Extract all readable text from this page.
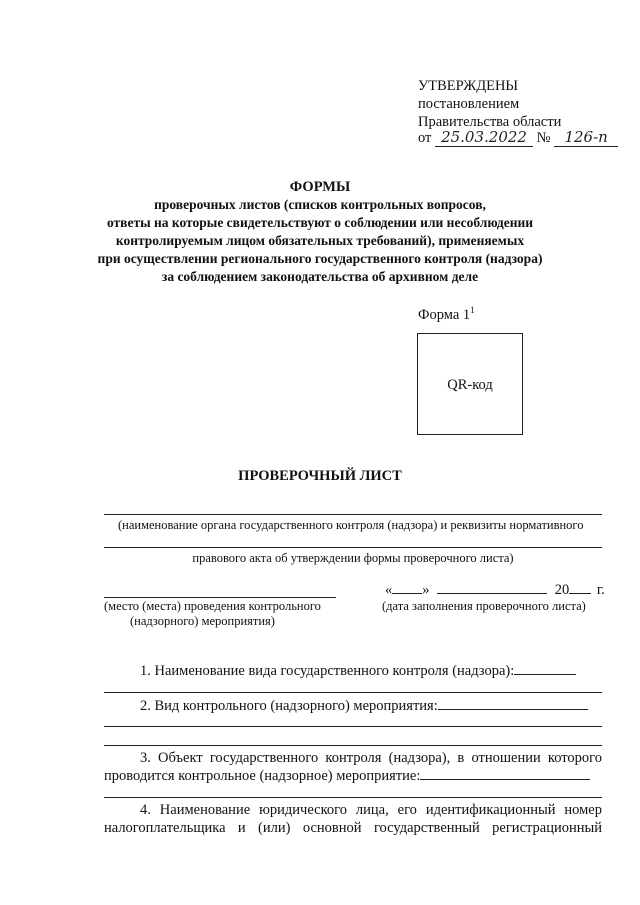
УТВЕРЖДЕНЫ
постановлением
Правительства области
от 25.03.2022 № 126-п
ФОРМЫ
проверочных листов (списков контрольных вопросов,
ответы на которые свидетельствуют о соблюдении или несоблюдении
контролируемым лицом обязательных требований), применяемых
при осуществлении регионального государственного контроля (надзора)
за соблюдением законодательства об архивном деле
Форма $1^1$
QR-код
ПРОВЕРОЧНЫЙ ЛИСТ
(наименование органа государственного контроля (надзора) и реквизиты нормативного
правового акта об утверждении формы проверочного листа)
« »	20 г.
(место (места) проведения контрольного
(надзорного) мероприятия)
(дата заполнения проверочного листа)
1. Наименование вида государственного контроля (надзора):
2. Вид контрольного (надзорного) мероприятия:
3. Объект государственного контроля (надзора), в отношении которого
проводится контрольное (надзорное) мероприятие:
4. Наименование юридического лица, его идентификационный номер
налогоплательщика и (или) основной государственный регистрационный
